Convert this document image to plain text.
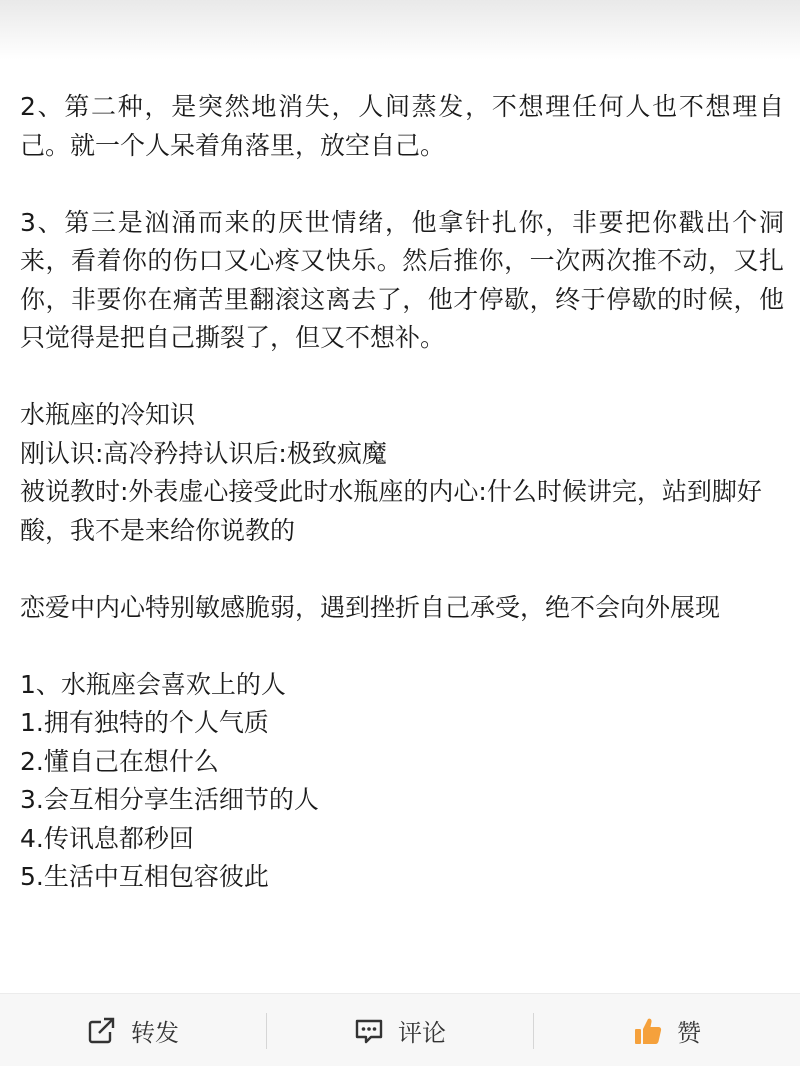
2、第二种，是突然地消失，人间蒸发，不想理任何人也不想理自己。就一个人呆着角落里，放空自己。

3、第三是汹涌而来的厌世情绪，他拿针扎你，非要把你戳出个洞来，看着你的伤口又心疼又快乐。然后推你，一次两次推不动，又扎你，非要你在痛苦里翻滚这离去了，他才停歇，终于停歇的时候，他只觉得是把自己撕裂了，但又不想补。

水瓶座的冷知识

刚认识:高冷矜持认识后:极致疯魔

被说教时:外表虚心接受此时水瓶座的内心:什么时候讲完，站到脚好酸，我不是来给你说教的

恋爱中内心特别敏感脆弱，遇到挫折自己承受，绝不会向外展现

1、水瓶座会喜欢上的人

1.拥有独特的个人气质

2.懂自己在想什么

3.会互相分享生活细节的人

4.传讯息都秒回

5.生活中互相包容彼此

转发	评论	赞
